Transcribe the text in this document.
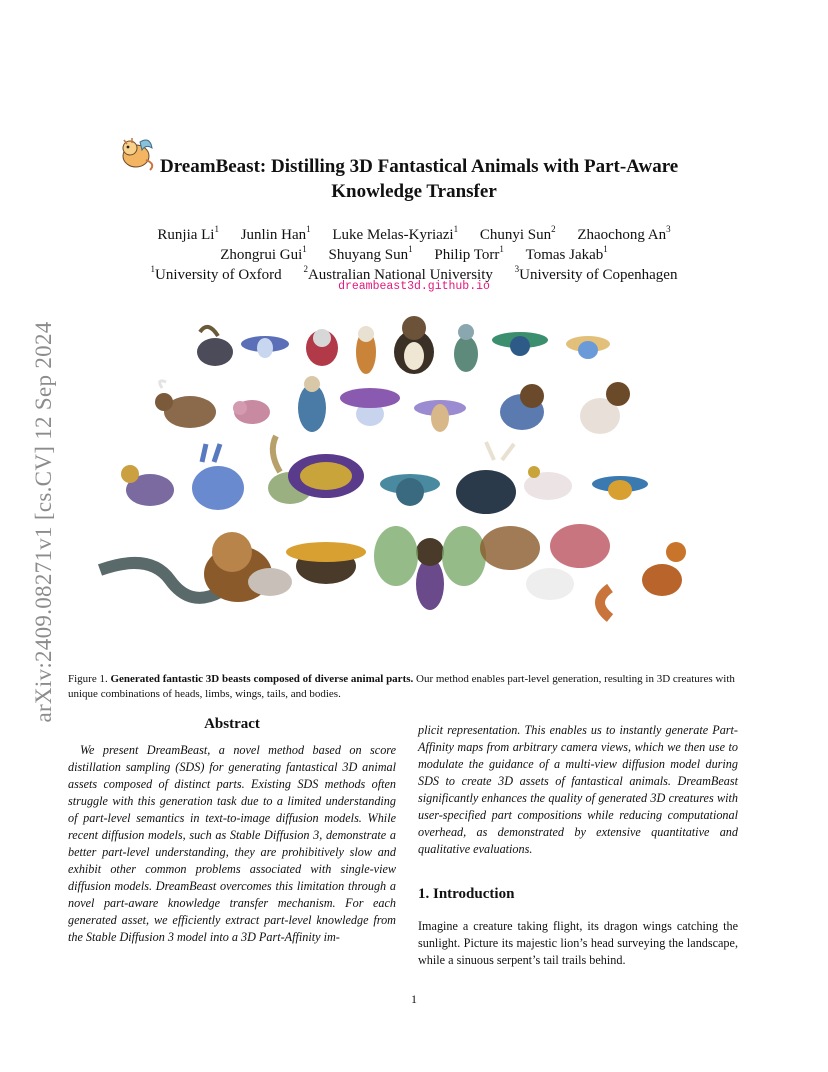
arXiv:2409.08271v1 [cs.CV] 12 Sep 2024
DreamBeast: Distilling 3D Fantastical Animals with Part-Aware
Knowledge Transfer
Runjia Li$^1$ Junlin Han$^1$ Luke Melas-Kyriazi$^1$ Chunyi Sun$^2$ Zhaochong An$^3$
Zhongrui Gui$^1$ Shuyang Sun$^1$ Philip Torr$^1$ Tomas Jakab$^1$
$^1$University of Oxford $^2$Australian National University $^3$University of Copenhagen
dreambeast3d.github.io
Figure 1. Generated fantastic 3D beasts composed of diverse animal parts. Our method enables part-level generation, resulting in 3D creatures with unique combinations of heads, limbs, wings, tails, and bodies.
Abstract
We present DreamBeast, a novel method based on score distillation sampling (SDS) for generating fantastical 3D animal assets composed of distinct parts. Existing SDS methods often struggle with this generation task due to a limited understanding of part-level semantics in text-to-image diffusion models. While recent diffusion models, such as Stable Diffusion 3, demonstrate a better part-level understanding, they are prohibitively slow and exhibit other common problems associated with single-view diffusion models. DreamBeast overcomes this limitation through a novel part-aware knowledge transfer mechanism. For each generated asset, we efficiently extract part-level knowledge from the Stable Diffusion 3 model into a 3D Part-Affinity im-
plicit representation. This enables us to instantly generate Part-Affinity maps from arbitrary camera views, which we then use to modulate the guidance of a multi-view diffusion model during SDS to create 3D assets of fantastical animals. DreamBeast significantly enhances the quality of generated 3D creatures with user-specified part compositions while reducing computational overhead, as demonstrated by extensive quantitative and qualitative evaluations.
1. Introduction
Imagine a creature taking flight, its dragon wings catching the sunlight. Picture its majestic lion’s head surveying the landscape, while a sinuous serpent’s tail trails behind.
1
